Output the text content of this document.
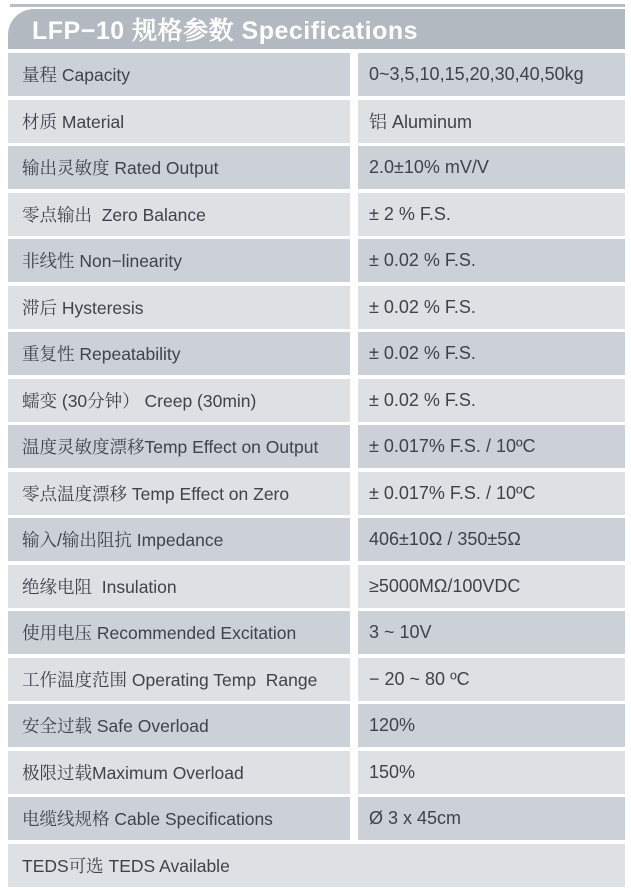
LFP−10 规格参数 Specifications
量程 Capacity	0~3,5,10,15,20,30,40,50kg
材质 Material	铝 Aluminum
输出灵敏度 Rated Output	2.0±10% mV/V
零点输出  Zero Balance	± 2 % F.S.
非线性 Non−linearity	± 0.02 % F.S.
滞后 Hysteresis	± 0.02 % F.S.
重复性 Repeatability	± 0.02 % F.S.
蠕变 (30分钟） Creep (30min)	± 0.02 % F.S.
温度灵敏度漂移Temp Effect on Output	± 0.017% F.S. / 10ºC
零点温度漂移 Temp Effect on Zero	± 0.017% F.S. / 10ºC
输入/输出阻抗 Impedance	406±10Ω / 350±5Ω
绝缘电阻  Insulation	≥5000MΩ/100VDC
使用电压 Recommended Excitation	3 ~ 10V
工作温度范围 Operating Temp  Range	− 20 ~ 80 ºC
安全过载 Safe Overload	120%
极限过载Maximum Overload	150%
电缆线规格 Cable Specifications	Ø 3 x 45cm
TEDS可选 TEDS Available
